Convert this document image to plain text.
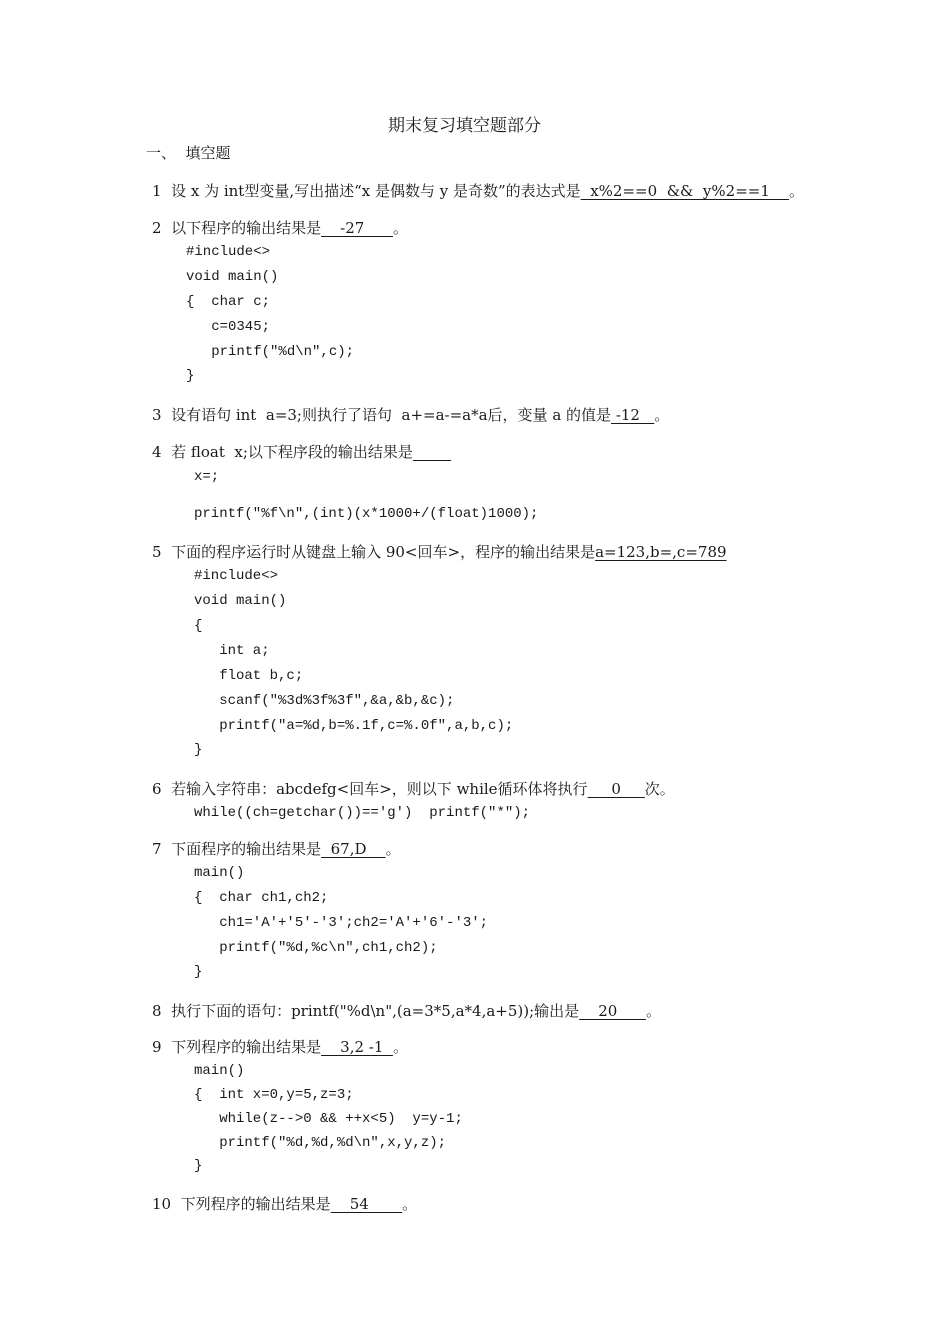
期末复习填空题部分
一、  填空题
1  设 x 为 int型变量,写出描述“x 是偶数与 y 是奇数”的表达式是  x%2==0  &&  y%2==1    。
2  以下程序的输出结果是    -27      。
#include<>
void main()
{  char c;
c=0345;
printf("%d\n",c);
}
3  设有语句 int  a=3;则执行了语句  a+=a-=a*a后，变量 a 的值是 -12   。
4  若 float  x;以下程序段的输出结果是
x=;
printf("%f\n",(int)(x*1000+/(float)1000);
5  下面的程序运行时从键盘上输入 90<回车>，程序的输出结果是a=123,b=,c=789
#include<>
void main()
{
int a;
float b,c;
scanf("%3d%3f%3f",&a,&b,&c);
printf("a=%d,b=%.1f,c=%.0f",a,b,c);
}
6  若输入字符串：abcdefg<回车>，则以下 while循环体将执行     0     次。
while((ch=getchar())=='g')  printf("*");
7  下面程序的输出结果是  67,D    。
main()
{  char ch1,ch2;
ch1='A'+'5'-'3';ch2='A'+'6'-'3';
printf("%d,%c\n",ch1,ch2);
}
8  执行下面的语句：printf("%d\n",(a=3*5,a*4,a+5));输出是    20      。
9  下列程序的输出结果是    3,2 -1  。
main()
{  int x=0,y=5,z=3;
while(z-->0 && ++x<5)  y=y-1;
printf("%d,%d,%d\n",x,y,z);
}
10  下列程序的输出结果是    54       。
